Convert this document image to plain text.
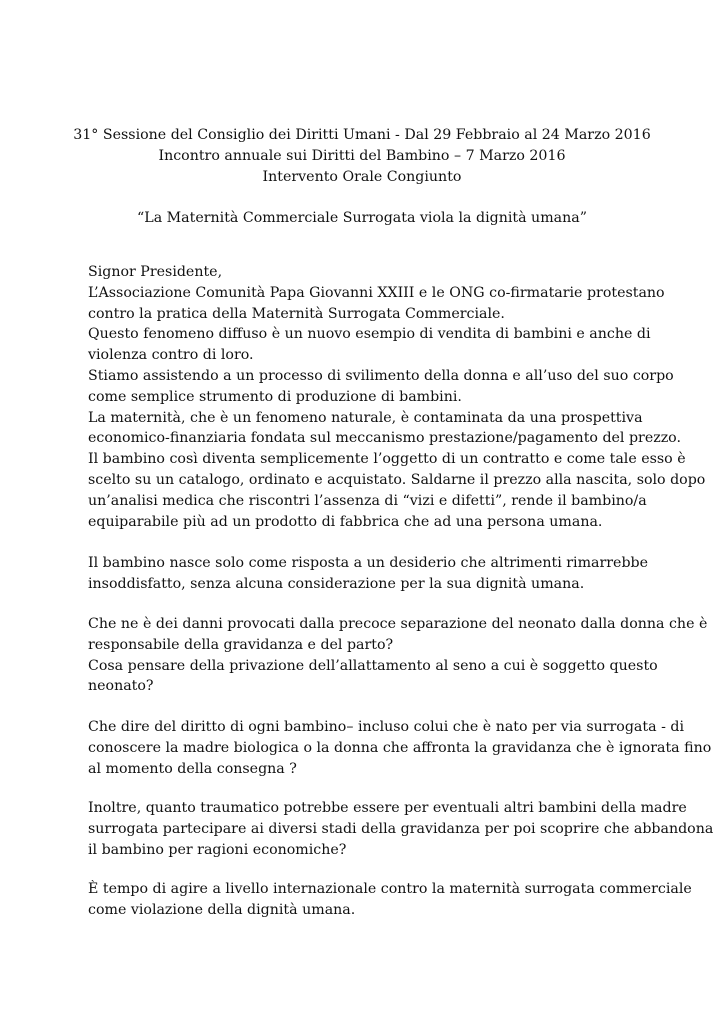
31° Sessione del Consiglio dei Diritti Umani - Dal 29 Febbraio al 24 Marzo 2016
Incontro annuale sui Diritti del Bambino – 7 Marzo 2016
Intervento Orale Congiunto
“La Maternità Commerciale Surrogata viola la dignità umana”
Signor Presidente,
L’Associazione Comunità Papa Giovanni XXIII e le ONG co-firmatarie protestano
contro la pratica della Maternità Surrogata Commerciale.
Questo fenomeno diffuso è un nuovo esempio di vendita di bambini e anche di
violenza contro di loro.
Stiamo assistendo a un processo di svilimento della donna e all’uso del suo corpo
come semplice strumento di produzione di bambini.
La maternità, che è un fenomeno naturale, è contaminata da una prospettiva
economico-finanziaria fondata sul meccanismo prestazione/pagamento del prezzo.
Il bambino così diventa semplicemente l’oggetto di un contratto e come tale esso è
scelto su un catalogo, ordinato e acquistato. Saldarne il prezzo alla nascita, solo dopo
un’analisi medica che riscontri l’assenza di “vizi e difetti”, rende il bambino/a
equiparabile più ad un prodotto di fabbrica che ad una persona umana.
Il bambino nasce solo come risposta a un desiderio che altrimenti rimarrebbe
insoddisfatto, senza alcuna considerazione per la sua dignità umana.
Che ne è dei danni provocati dalla precoce separazione del neonato dalla donna che è
responsabile della gravidanza e del parto?
Cosa pensare della privazione dell’allattamento al seno a cui è soggetto questo
neonato?
Che dire del diritto di ogni bambino– incluso colui che è nato per via surrogata - di
conoscere la madre biologica o la donna che affronta la gravidanza che è ignorata fino
al momento della consegna ?
Inoltre, quanto traumatico potrebbe essere per eventuali altri bambini della madre
surrogata partecipare ai diversi stadi della gravidanza per poi scoprire che abbandona
il bambino per ragioni economiche?
È tempo di agire a livello internazionale contro la maternità surrogata commerciale
come violazione della dignità umana.
